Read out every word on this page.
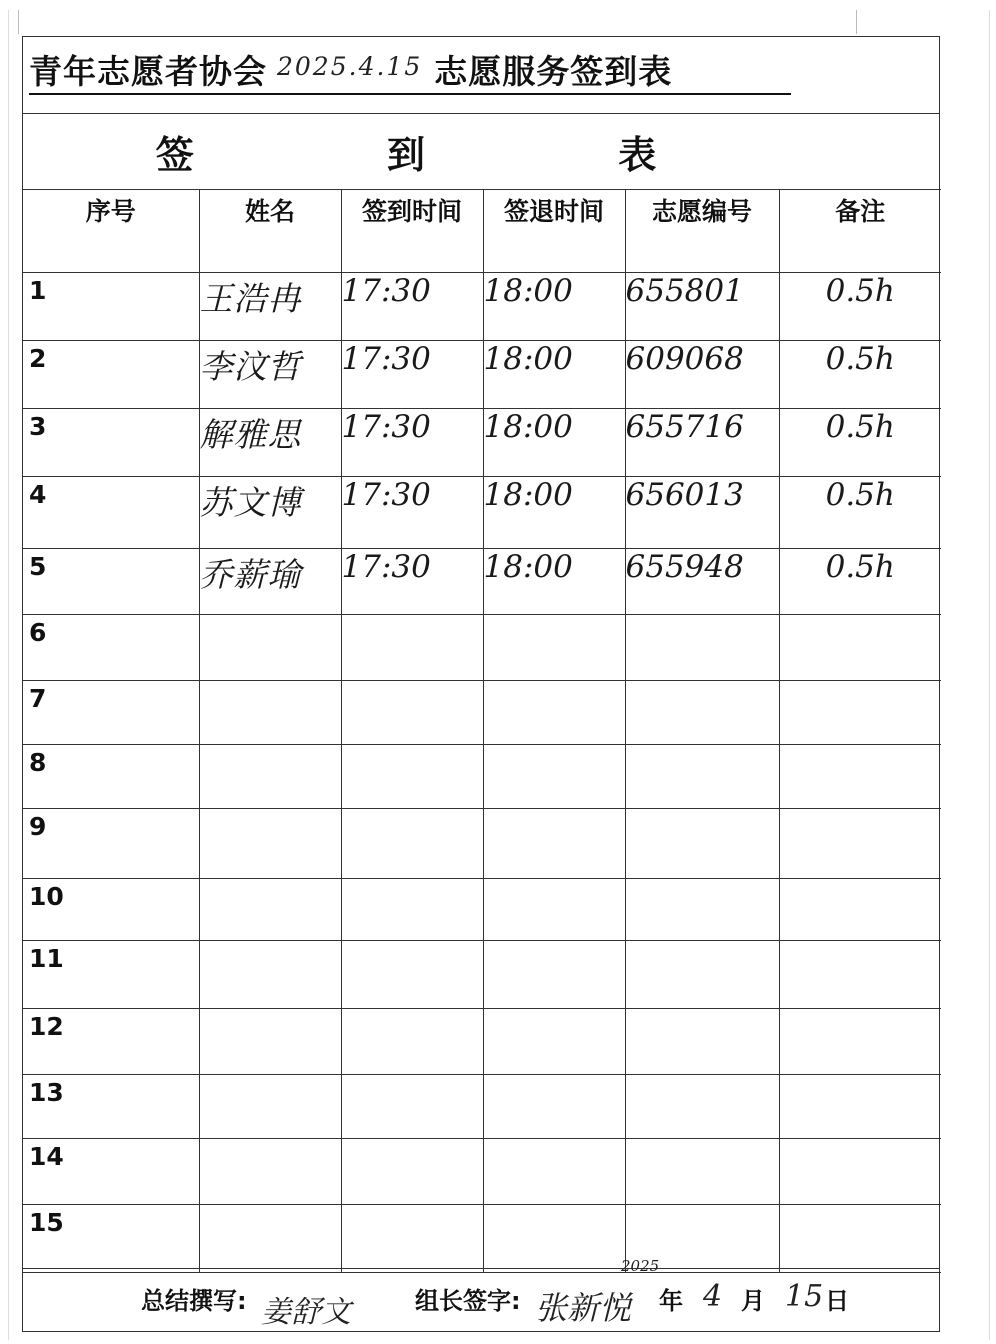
青年志愿者协会 2025.4.15 志愿服务签到表
签 到 表
序号	姓名	签到时间	签退时间	志愿编号	备注
1	王浩冉	17:30	18:00	655801	0.5h
2	李汶哲	17:30	18:00	609068	0.5h
3	解雅思	17:30	18:00	655716	0.5h
4	苏文博	17:30	18:00	656013	0.5h
5	乔薪瑜	17:30	18:00	655948	0.5h
6					
7					
8					
9					
10					
11					
12					
13					
14					
15					
总结撰写: 姜舒文	组长签字: 张新悦
2025
年 4 月 15 日
